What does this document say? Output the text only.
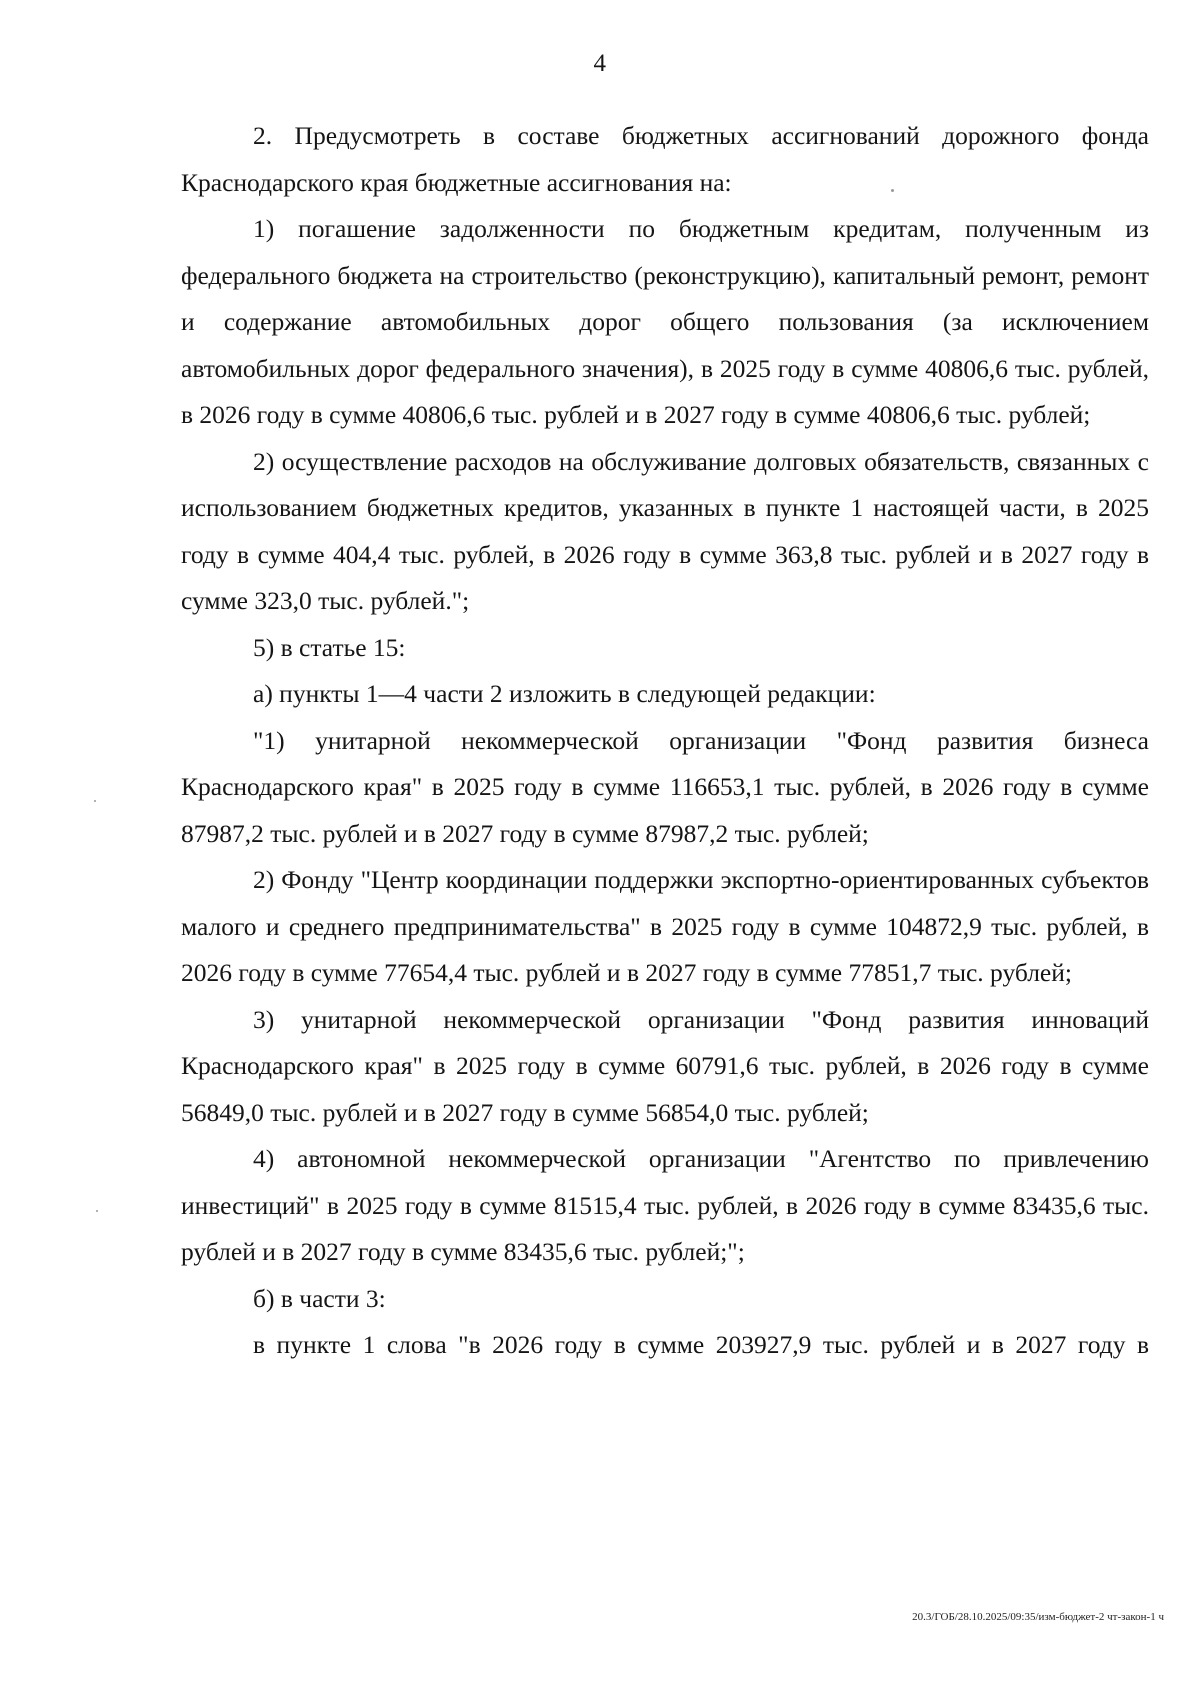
4

2. Предусмотреть в составе бюджетных ассигнований дорожного фонда Краснодарского края бюджетные ассигнования на:

1) погашение задолженности по бюджетным кредитам, полученным из федерального бюджета на строительство (реконструкцию), капитальный ремонт, ремонт и содержание автомобильных дорог общего пользования (за исключением автомобильных дорог федерального значения), в 2025 году в сумме 40806,6 тыс. рублей, в 2026 году в сумме 40806,6 тыс. рублей и в 2027 году в сумме 40806,6 тыс. рублей;

2) осуществление расходов на обслуживание долговых обязательств, связанных с использованием бюджетных кредитов, указанных в пункте 1 настоящей части, в 2025 году в сумме 404,4 тыс. рублей, в 2026 году в сумме 363,8 тыс. рублей и в 2027 году в сумме 323,0 тыс. рублей.";

5) в статье 15:

а) пункты 1—4 части 2 изложить в следующей редакции:

"1) унитарной некоммерческой организации "Фонд развития бизнеса Краснодарского края" в 2025 году в сумме 116653,1 тыс. рублей, в 2026 году в сумме 87987,2 тыс. рублей и в 2027 году в сумме 87987,2 тыс. рублей;

2) Фонду "Центр координации поддержки экспортно-ориентированных субъектов малого и среднего предпринимательства" в 2025 году в сумме 104872,9 тыс. рублей, в 2026 году в сумме 77654,4 тыс. рублей и в 2027 году в сумме 77851,7 тыс. рублей;

3) унитарной некоммерческой организации "Фонд развития инноваций Краснодарского края" в 2025 году в сумме 60791,6 тыс. рублей, в 2026 году в сумме 56849,0 тыс. рублей и в 2027 году в сумме 56854,0 тыс. рублей;

4) автономной некоммерческой организации "Агентство по привлечению инвестиций" в 2025 году в сумме 81515,4 тыс. рублей, в 2026 году в сумме 83435,6 тыс. рублей и в 2027 году в сумме 83435,6 тыс. рублей;";

б) в части 3:

в пункте 1 слова "в 2026 году в сумме 203927,9 тыс. рублей и в 2027 году в

20.3/ГОБ/28.10.2025/09:35/изм-бюджет-2 чт-закон-1 ч
